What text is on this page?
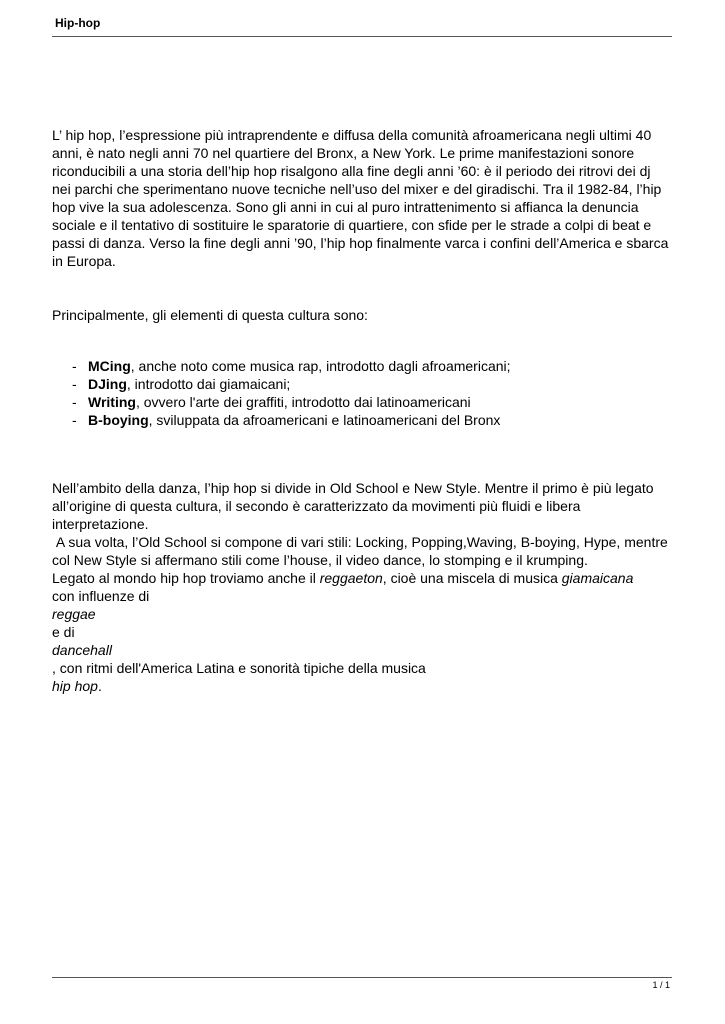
Hip-hop

L’ hip hop, l’espressione più intraprendente e diffusa della comunità afroamericana negli ultimi 40 anni, è nato negli anni 70 nel quartiere del Bronx, a New York. Le prime manifestazioni sonore riconducibili a una storia dell’hip hop risalgono alla fine degli anni ’60: è il periodo dei ritrovi dei dj nei parchi che sperimentano nuove tecniche nell’uso del mixer e del giradischi. Tra il 1982-84, l’hip hop vive la sua adolescenza. Sono gli anni in cui al puro intrattenimento si affianca la denuncia sociale e il tentativo di sostituire le sparatorie di quartiere, con sfide per le strade a colpi di beat e passi di danza. Verso la fine degli anni ’90, l’hip hop finalmente varca i confini dell’America e sbarca in Europa.

Principalmente, gli elementi di questa cultura sono:

- MCing, anche noto come musica rap, introdotto dagli afroamericani;
- DJing, introdotto dai giamaicani;
- Writing, ovvero l'arte dei graffiti, introdotto dai latinoamericani
- B-boying, sviluppata da afroamericani e latinoamericani del Bronx

Nell’ambito della danza, l’hip hop si divide in Old School e New Style. Mentre il primo è più legato all’origine di questa cultura, il secondo è caratterizzato da movimenti più fluidi e libera interpretazione.

A sua volta, l’Old School si compone di vari stili: Locking, Popping,Waving, B-boying, Hype, mentre col New Style si affermano stili come l’house, il video dance, lo stomping e il krumping.

Legato al mondo hip hop troviamo anche il reggaeton, cioè una miscela di musica giamaicana
con influenze di

reggae

e di

dancehall

, con ritmi dell'America Latina e sonorità tipiche della musica

hip hop.

1 / 1
